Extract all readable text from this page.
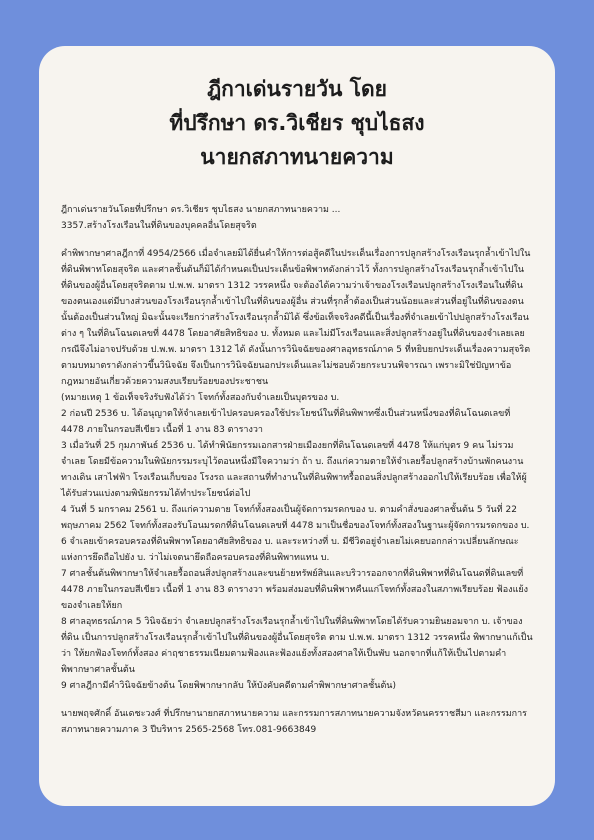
ฎีกาเด่นรายวัน โดย
ที่ปรึกษา ดร.วิเชียร ชุบไธสง
นายกสภาทนายความ
ฎีกาเด่นรายวันโดยที่ปรึกษา ดร.วิเชียร ชุบไธสง นายกสภาทนายความ ...
3357.สร้างโรงเรือนในที่ดินของบุคคลอื่นโดยสุจริต

คำพิพากษาศาลฎีกาที่ 4954/2566 เมื่อจำเลยมิได้ยื่นคำให้การต่อสู้คดีในประเด็นเรื่องการปลูกสร้างโรงเรือนรุกล้ำเข้าไปในที่ดินพิพาทโดยสุจริต และศาลชั้นต้นก็มิได้กำหนดเป็นประเด็นข้อพิพาทดังกล่าวไว้ ทั้งการปลูกสร้างโรงเรือนรุกล้ำเข้าไปในที่ดินของผู้อื่นโดยสุจริตตาม ป.พ.พ. มาตรา 1312 วรรคหนึ่ง จะต้องได้ความว่าเจ้าของโรงเรือนปลูกสร้างโรงเรือนในที่ดินของตนเองแต่มีบางส่วนของโรงเรือนรุกล้ำเข้าไปในที่ดินของผู้อื่น ส่วนที่รุกล้ำต้องเป็นส่วนน้อยและส่วนที่อยู่ในที่ดินของตนนั้นต้องเป็นส่วนใหญ่ มิฉะนั้นจะเรียกว่าสร้างโรงเรือนรุกล้ำมิได้ ซึ่งข้อเท็จจริงคดีนี้เป็นเรื่องที่จำเลยเข้าไปปลูกสร้างโรงเรือนต่าง ๆ ในที่ดินโฉนดเลขที่ 4478 โดยอาศัยสิทธิของ บ. ทั้งหมด และไม่มีโรงเรือนและสิ่งปลูกสร้างอยู่ในที่ดินของจำเลยเลย กรณีจึงไม่อาจปรับด้วย ป.พ.พ. มาตรา 1312 ได้ ดังนั้นการวินิจฉัยของศาลอุทธรณ์ภาค 5 ที่หยิบยกประเด็นเรื่องความสุจริตตามบทมาตราดังกล่าวขึ้นวินิจฉัย จึงเป็นการวินิจฉัยนอกประเด็นและไม่ชอบด้วยกระบวนพิจารณา เพราะมิใช่ปัญหาข้อกฎหมายอันเกี่ยวด้วยความสงบเรียบร้อยของประชาชน

(หมายเหตุ 1 ข้อเท็จจริงรับฟังได้ว่า โจทก์ทั้งสองกับจำเลยเป็นบุตรของ บ.

2 ก่อนปี 2536 บ. ได้อนุญาตให้จำเลยเข้าไปครอบครองใช้ประโยชน์ในที่ดินพิพาทซึ่งเป็นส่วนหนึ่งของที่ดินโฉนดเลขที่ 4478 ภายในกรอบสีเขียว เนื้อที่ 1 งาน 83 ตารางวา

3 เมื่อวันที่ 25 กุมภาพันธ์ 2536 บ. ได้ทำพินัยกรรมเอกสารฝ่ายเมืองยกที่ดินโฉนดเลขที่ 4478 ให้แก่บุตร 9 คน ไม่รวมจำเลย โดยมีข้อความในพินัยกรรมระบุไว้ตอนหนึ่งมีใจความว่า ถ้า บ. ถึงแก่ความตายให้จำเลยรื้อปลูกสร้างบ้านพักคนงาน ทางเดิน เสาไฟฟ้า โรงเรือนเก็บของ โรงรถ และสถานที่ทำงานในที่ดินพิพาทรื้อถอนสิ่งปลูกสร้างออกไปให้เรียบร้อย เพื่อให้ผู้ได้รับส่วนแบ่งตามพินัยกรรมได้ทำประโยชน์ต่อไป

4 วันที่ 5 มกราคม 2561 บ. ถึงแก่ความตาย โจทก์ทั้งสองเป็นผู้จัดการมรดกของ บ. ตามคำสั่งของศาลชั้นต้น 5 วันที่ 22 พฤษภาคม 2562 โจทก์ทั้งสองรับโอนมรดกที่ดินโฉนดเลขที่ 4478 มาเป็นชื่อของโจทก์ทั้งสองในฐานะผู้จัดการมรดกของ บ.

6 จำเลยเข้าครอบครองที่ดินพิพาทโดยอาศัยสิทธิของ บ. และระหว่างที่ บ. มีชีวิตอยู่จำเลยไม่เคยบอกกล่าวเปลี่ยนลักษณะแห่งการยึดถือไปยัง บ. ว่าไม่เจตนายึดถือครอบครองที่ดินพิพาทแทน บ.

7 ศาลชั้นต้นพิพากษาให้จำเลยรื้อถอนสิ่งปลูกสร้างและขนย้ายทรัพย์สินและบริวารออกจากที่ดินพิพาทที่ดินโฉนดที่ดินเลขที่ 4478 ภายในกรอบสีเขียว เนื้อที่ 1 งาน 83 ตารางวา พร้อมส่งมอบที่ดินพิพาทคืนแก่โจทก์ทั้งสองในสภาพเรียบร้อย ฟ้องแย้งของจำเลยให้ยก

8 ศาลอุทธรณ์ภาค 5 วินิจฉัยว่า จำเลยปลูกสร้างโรงเรือนรุกล้ำเข้าไปในที่ดินพิพาทโดยได้รับความยินยอมจาก บ. เจ้าของที่ดิน เป็นการปลูกสร้างโรงเรือนรุกล้ำเข้าไปในที่ดินของผู้อื่นโดยสุจริต ตาม ป.พ.พ. มาตรา 1312 วรรคหนึ่ง พิพากษาแก้เป็นว่า ให้ยกฟ้องโจทก์ทั้งสอง ค่าฤชาธรรมเนียมตามฟ้องและฟ้องแย้งทั้งสองศาลให้เป็นพับ นอกจากที่แก้ให้เป็นไปตามคำพิพากษาศาลชั้นต้น

9 ศาลฎีกามีคำวินิจฉัยข้างต้น โดยพิพากษากลับ ให้บังคับคดีตามคำพิพากษาศาลชั้นต้น)

นายพฤจศักดิ์ อันเดชะวงศ์ ที่ปรึกษานายกสภาทนายความ และกรรมการสภาทนายความจังหวัดนครราชสีมา และกรรมการสภาทนายความภาค 3 ปีบริหาร 2565-2568 โทร.081-9663849
